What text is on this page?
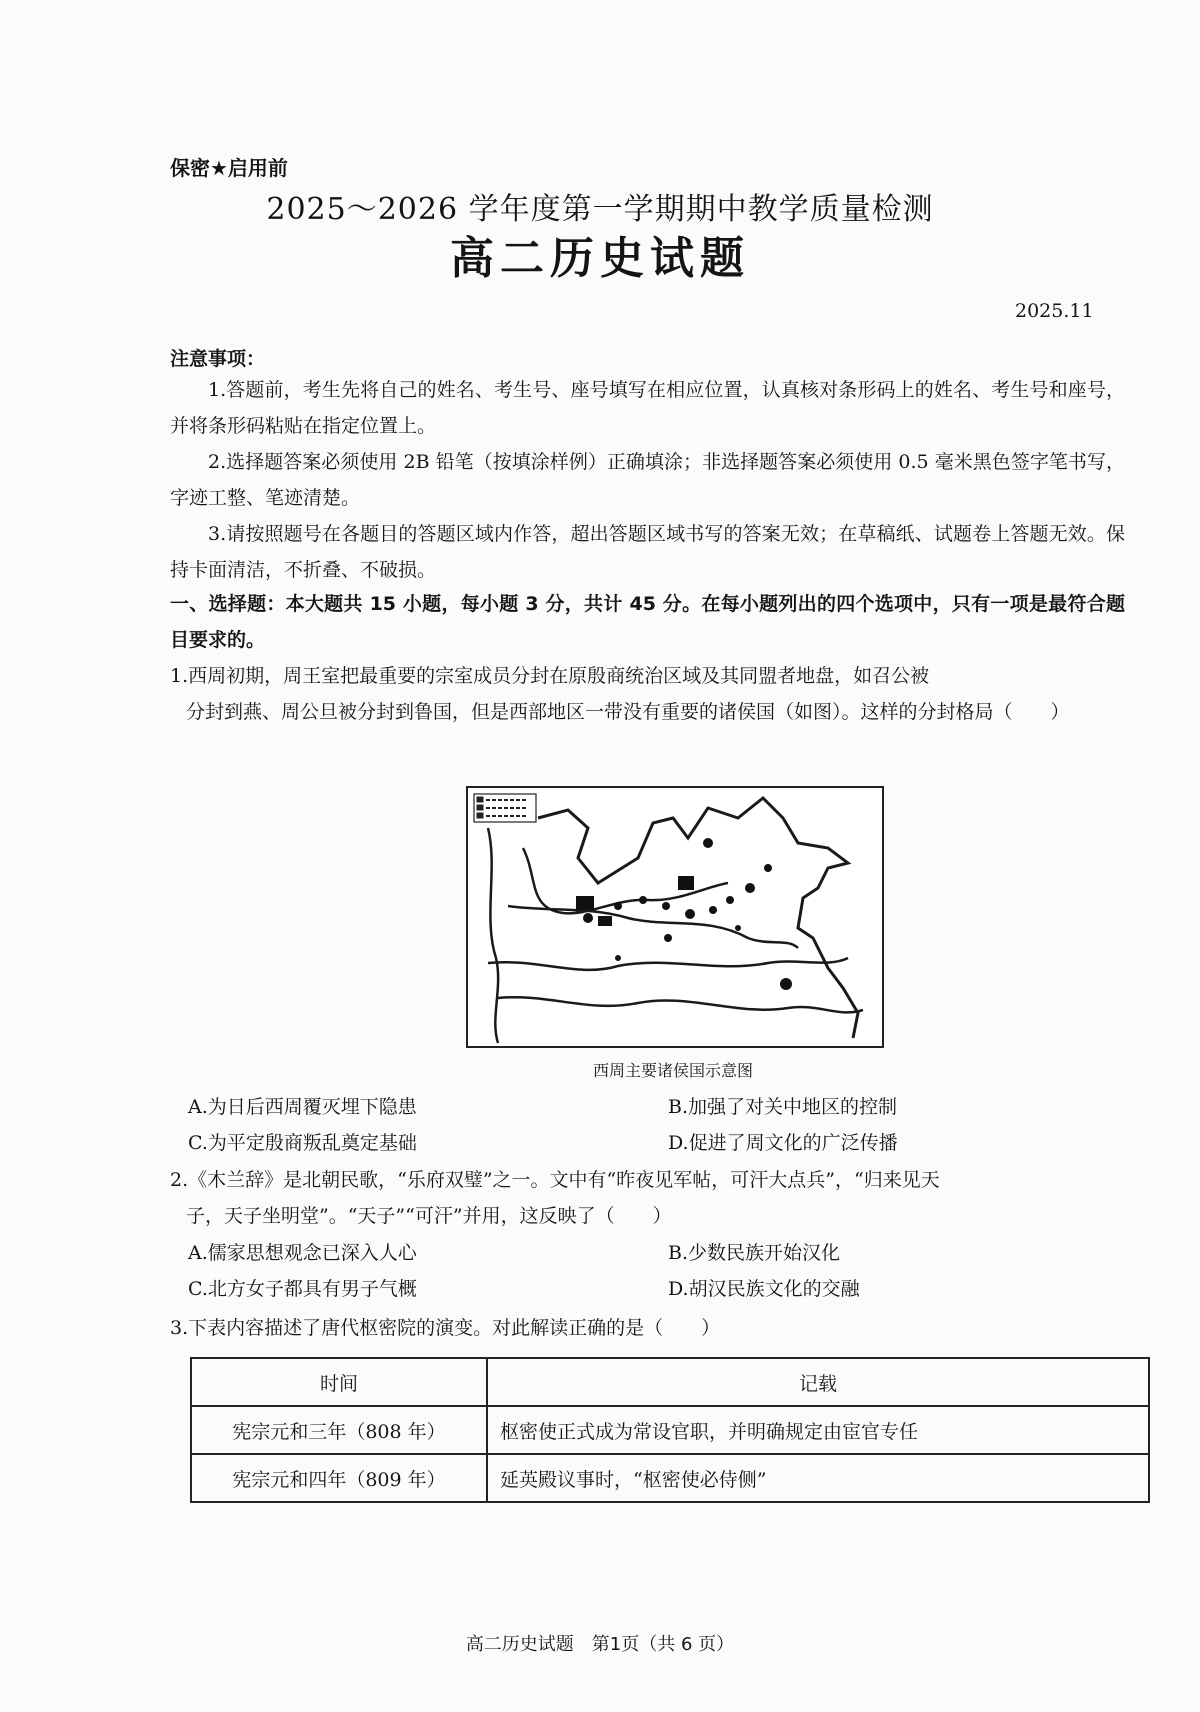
保密★启用前
2025～2026 学年度第一学期期中教学质量检测
高二历史试题
2025.11
注意事项：
1.答题前，考生先将自己的姓名、考生号、座号填写在相应位置，认真核对条形码上的姓名、考生号和座号，并将条形码粘贴在指定位置上。
2.选择题答案必须使用 2B 铅笔（按填涂样例）正确填涂；非选择题答案必须使用 0.5 毫米黑色签字笔书写，字迹工整、笔迹清楚。
3.请按照题号在各题目的答题区域内作答，超出答题区域书写的答案无效；在草稿纸、试题卷上答题无效。保持卡面清洁，不折叠、不破损。
一、选择题：本大题共 15 小题，每小题 3 分，共计 45 分。在每小题列出的四个选项中，只有一项是最符合题目要求的。
1.西周初期，周王室把最重要的宗室成员分封在原殷商统治区域及其同盟者地盘，如召公被
分封到燕、周公旦被分封到鲁国，但是西部地区一带没有重要的诸侯国（如图）。这样的分封格局（　　）
西周主要诸侯国示意图
A.为日后西周覆灭埋下隐患	B.加强了对关中地区的控制
C.为平定殷商叛乱奠定基础	D.促进了周文化的广泛传播
2.《木兰辞》是北朝民歌，“乐府双璧”之一。文中有“昨夜见军帖，可汗大点兵”，“归来见天
子，天子坐明堂”。“天子”“可汗”并用，这反映了（　　）
A.儒家思想观念已深入人心	B.少数民族开始汉化
C.北方女子都具有男子气概	D.胡汉民族文化的交融
3.下表内容描述了唐代枢密院的演变。对此解读正确的是（　　）
时间	记载
宪宗元和三年（808 年）	枢密使正式成为常设官职，并明确规定由宦官专任
宪宗元和四年（809 年）	延英殿议事时，“枢密使必侍侧”
高二历史试题　第1页（共 6 页）
